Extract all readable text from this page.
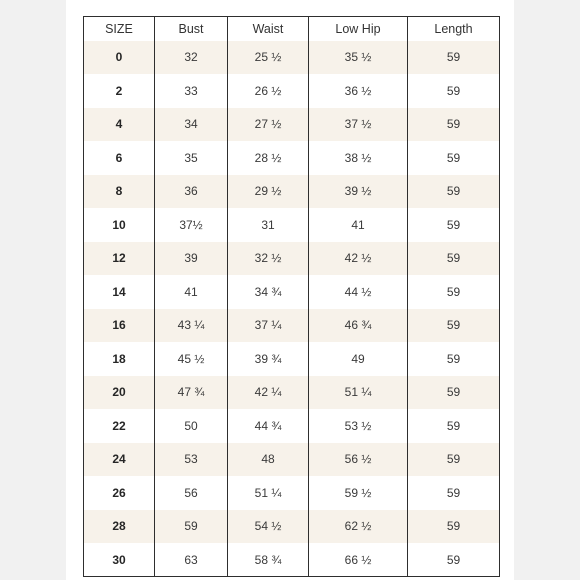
SIZE	Bust	Waist	Low Hip	Length
0	32	25 ½	35 ½	59
2	33	26 ½	36 ½	59
4	34	27 ½	37 ½	59
6	35	28 ½	38 ½	59
8	36	29 ½	39 ½	59
10	37½	31	41	59
12	39	32 ½	42 ½	59
14	41	34 ¾	44 ½	59
16	43 ¼	37 ¼	46 ¾	59
18	45 ½	39 ¾	49	59
20	47 ¾	42 ¼	51 ¼	59
22	50	44 ¾	53 ½	59
24	53	48	56 ½	59
26	56	51 ¼	59 ½	59
28	59	54 ½	62 ½	59
30	63	58 ¾	66 ½	59
